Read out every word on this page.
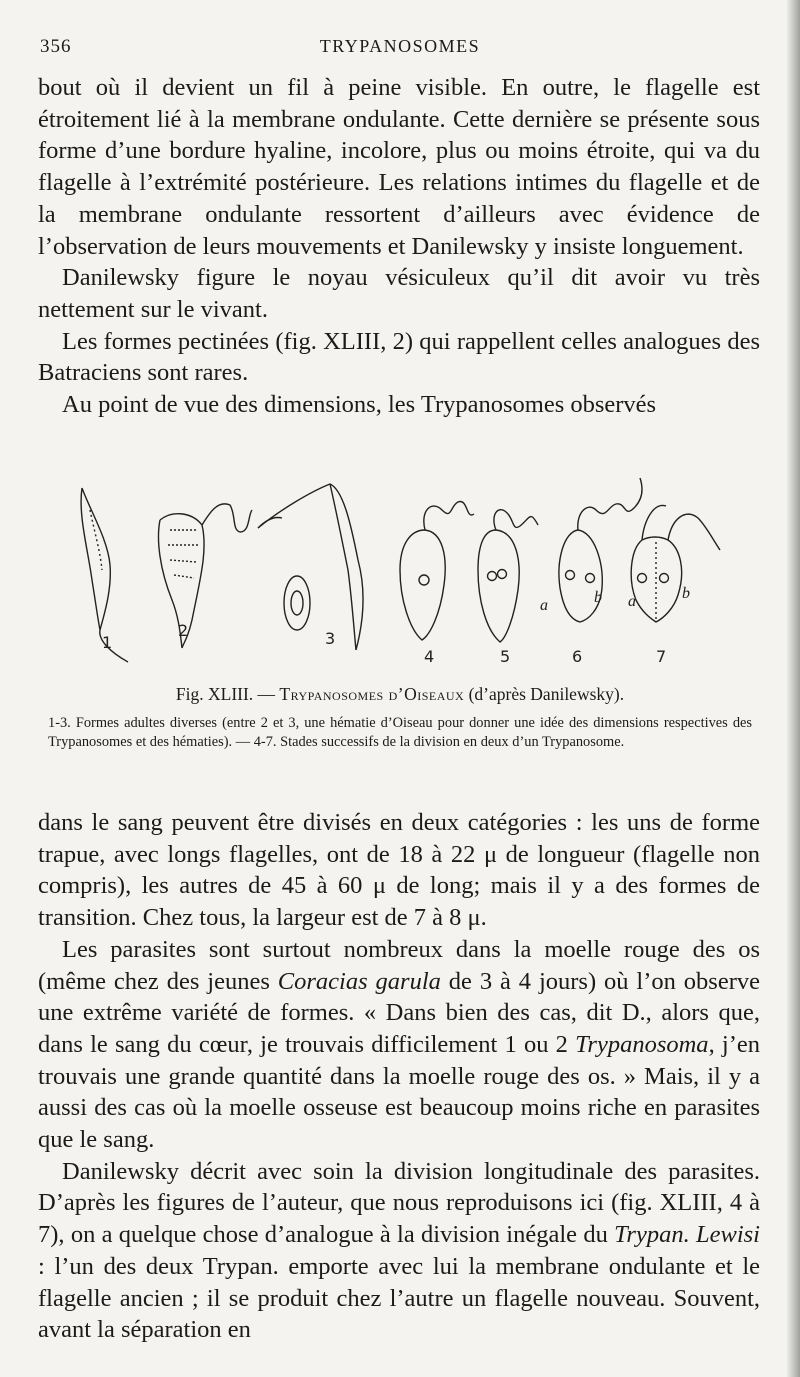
356	TRYPANOSOMES

bout où il devient un fil à peine visible. En outre, le flagelle est étroitement lié à la membrane ondulante. Cette dernière se présente sous forme d’une bordure hyaline, incolore, plus ou moins étroite, qui va du flagelle à l’extrémité postérieure. Les relations intimes du flagelle et de la membrane ondulante ressortent d’ailleurs avec évidence de l’observation de leurs mouvements et Danilewsky y insiste longuement.

Danilewsky figure le noyau vésiculeux qu’il dit avoir vu très nettement sur le vivant.

Les formes pectinées (fig. XLIII, 2) qui rappellent celles analogues des Batraciens sont rares.

Au point de vue des dimensions, les Trypanosomes observés

1
2	3
4	5	6	7
a	b a	b
Fig. XLIII. — Trypanosomes d’Oiseaux (d’après Danilewsky).
1-3. Formes adultes diverses (entre 2 et 3, une hématie d’Oiseau pour donner une idée des dimensions respectives des Trypanosomes et des hématies). — 4-7. Stades successifs de la division en deux d’un Trypanosome.

dans le sang peuvent être divisés en deux catégories : les uns de forme trapue, avec longs flagelles, ont de 18 à 22 μ de longueur (flagelle non compris), les autres de 45 à 60 μ de long; mais il y a des formes de transition. Chez tous, la largeur est de 7 à 8 μ.

Les parasites sont surtout nombreux dans la moelle rouge des os (même chez des jeunes Coracias garula de 3 à 4 jours) où l’on observe une extrême variété de formes. « Dans bien des cas, dit D., alors que, dans le sang du cœur, je trouvais difficilement 1 ou 2 Trypanosoma, j’en trouvais une grande quantité dans la moelle rouge des os. » Mais, il y a aussi des cas où la moelle osseuse est beaucoup moins riche en parasites que le sang.

Danilewsky décrit avec soin la division longitudinale des parasites. D’après les figures de l’auteur, que nous reproduisons ici (fig. XLIII, 4 à 7), on a quelque chose d’analogue à la division inégale du Trypan. Lewisi : l’un des deux Trypan. emporte avec lui la membrane ondulante et le flagelle ancien ; il se produit chez l’autre un flagelle nouveau. Souvent, avant la séparation en
